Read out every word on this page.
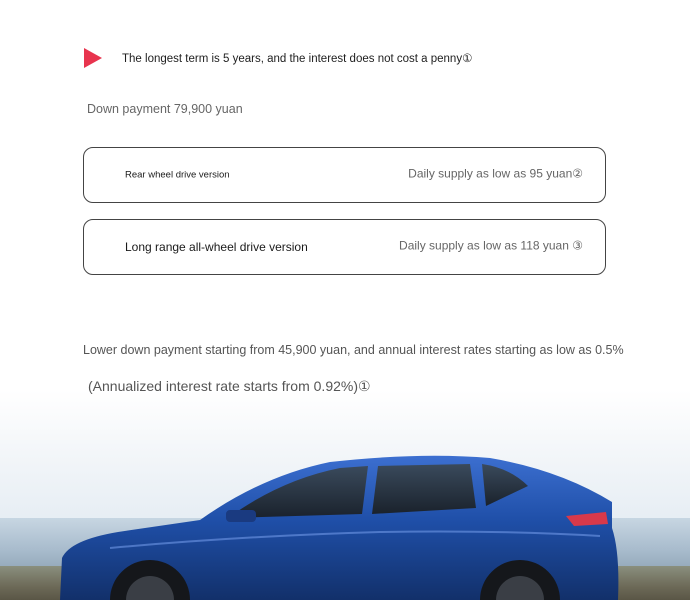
The longest term is 5 years, and the interest does not cost a penny①
Down payment 79,900 yuan
Rear wheel drive version	Daily supply as low as 95 yuan②
Long range all-wheel drive version	Daily supply as low as 118 yuan ③
Lower down payment starting from 45,900 yuan, and annual interest rates starting as low as 0.5%
(Annualized interest rate starts from 0.92%)①
